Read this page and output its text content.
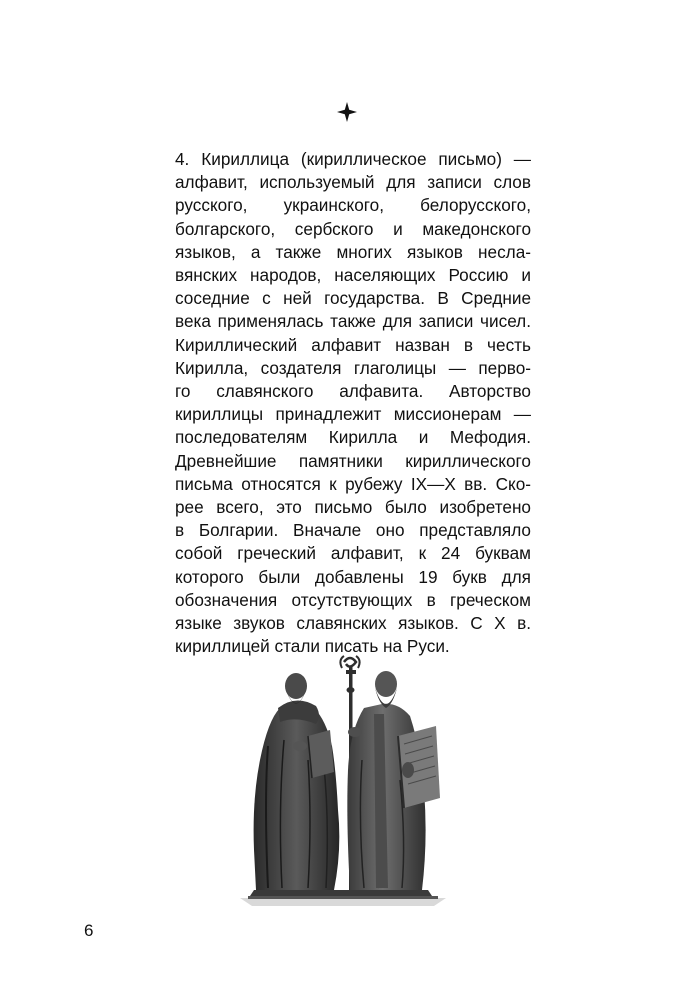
4. Кириллица (кириллическое письмо) —
алфавит, используемый для записи слов
русского, украинского, белорусского,
болгарского, сербского и македонского
языков, а также многих языков несла-
вянских народов, населяющих Россию и
соседние с ней государства. В Средние
века применялась также для записи чисел.
Кириллический алфавит назван в честь
Кирилла, создателя глаголицы — перво-
го славянского алфавита. Авторство
кириллицы принадлежит миссионерам —
последователям Кирилла и Мефодия.
Древнейшие памятники кириллического
письма относятся к рубежу IX—X вв. Ско-
рее всего, это письмо было изобретено
в Болгарии. Вначале оно представляло
собой греческий алфавит, к 24 буквам
которого были добавлены 19 букв для
обозначения отсутствующих в греческом
языке звуков славянских языков. С X в.
кириллицей стали писать на Руси.
6
